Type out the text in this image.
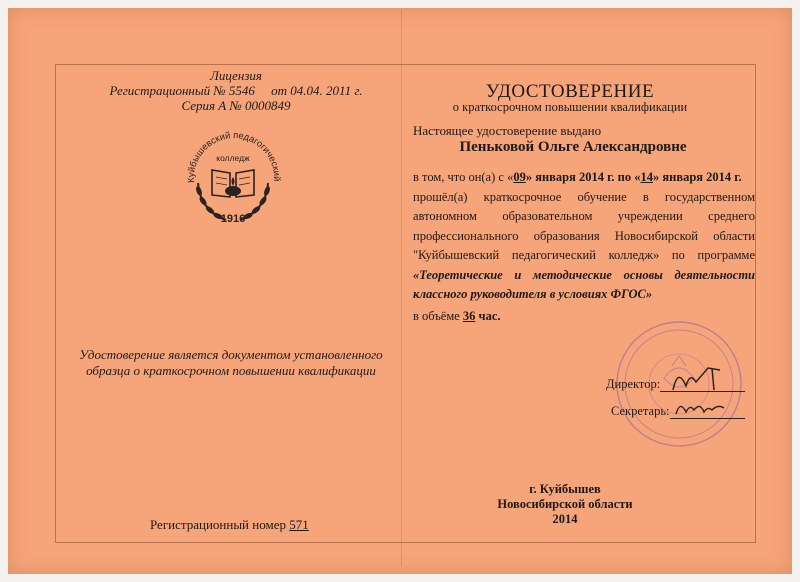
Лицензия
Регистрационный № 5546 от 04.04. 2011 г.
Серия А № 0000849
Куйбышевский педагогический
колледж
1916
Удостоверение является документом установленного образца о краткосрочном повышении квалификации
Регистрационный номер 571
УДОСТОВЕРЕНИЕ
о краткосрочном повышении квалификации
Настоящее удостоверение выдано
Пеньковой Ольге Александровне

в том, что он(а) с «09» января 2014 г. по «14» января 2014 г.

прошёл(а) краткосрочное обучение в государственном автономном образовательном учреждении среднего профессионального образования Новосибирской области "Куйбышевский педагогический колледж» по программе «Теоретические и методические основы деятельности классного руководителя в условиях ФГОС»

в объёме 36 час.

Директор:
Секретарь:
г. Куйбышев
Новосибирской области
2014
